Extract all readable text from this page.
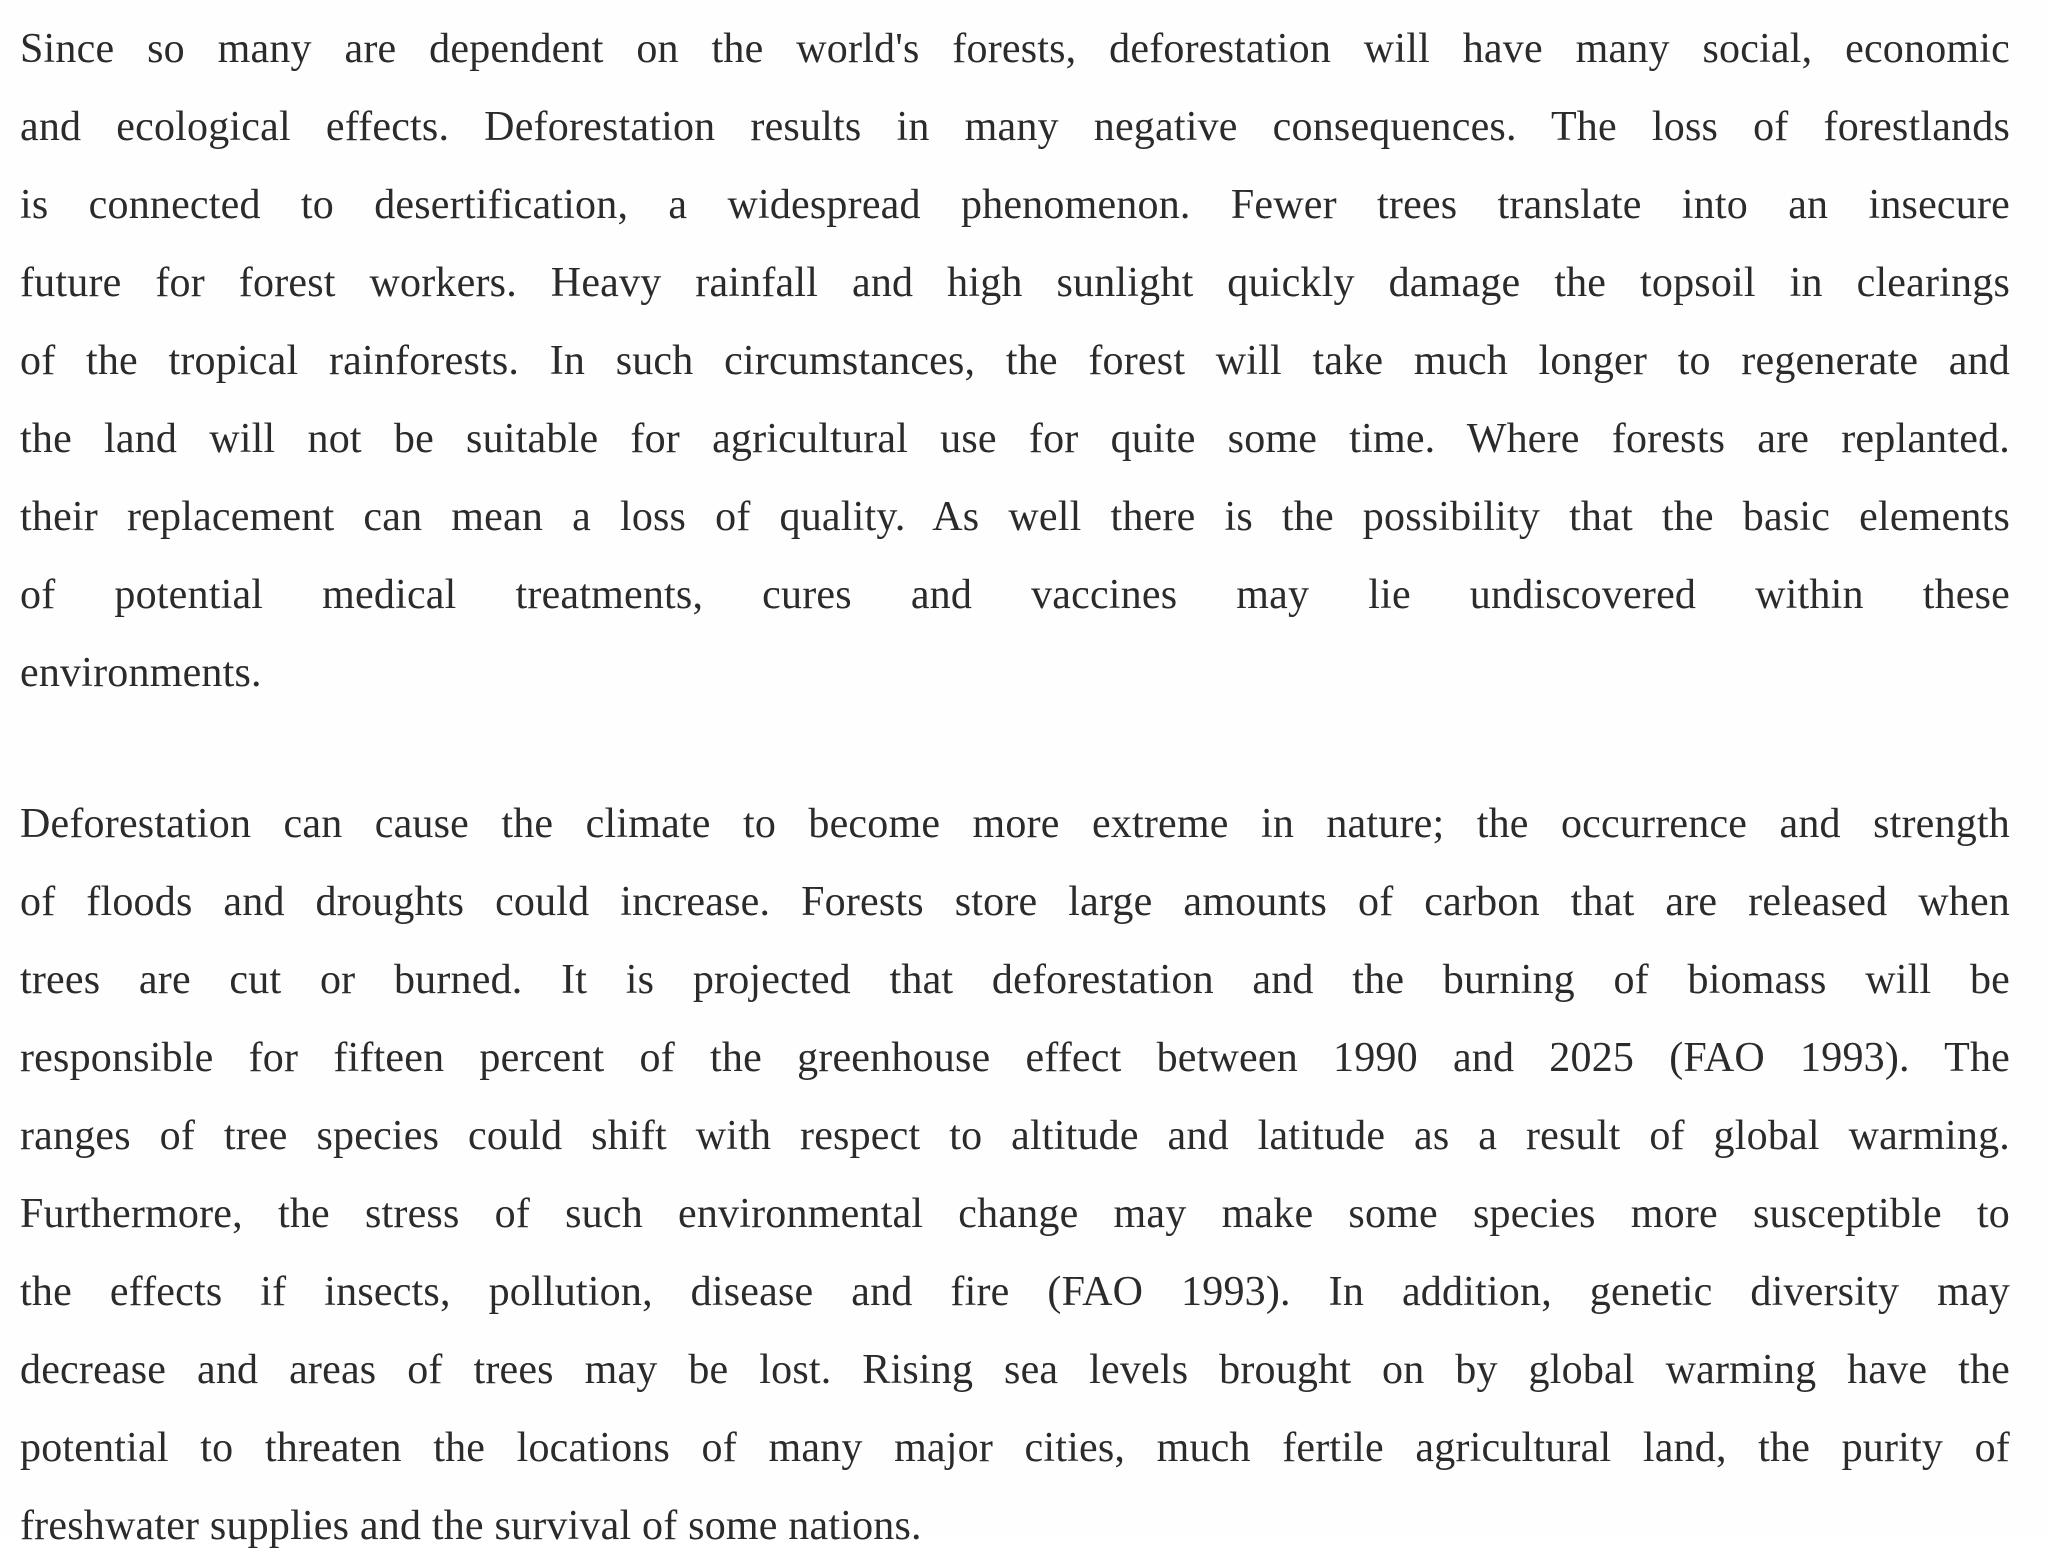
Since so many are dependent on the world's forests, deforestation will have many social, economic
and ecological effects. Deforestation results in many negative consequences. The loss of forestlands
is connected to desertification, a widespread phenomenon. Fewer trees translate into an insecure
future for forest workers. Heavy rainfall and high sunlight quickly damage the topsoil in clearings
of the tropical rainforests. In such circumstances, the forest will take much longer to regenerate and
the land will not be suitable for agricultural use for quite some time. Where forests are replanted.
their replacement can mean a loss of quality. As well there is the possibility that the basic elements
of potential medical treatments, cures and vaccines may lie undiscovered within these
environments.
Deforestation can cause the climate to become more extreme in nature; the occurrence and strength
of floods and droughts could increase. Forests store large amounts of carbon that are released when
trees are cut or burned. It is projected that deforestation and the burning of biomass will be
responsible for fifteen percent of the greenhouse effect between 1990 and 2025 (FAO 1993). The
ranges of tree species could shift with respect to altitude and latitude as a result of global warming.
Furthermore, the stress of such environmental change may make some species more susceptible to
the effects if insects, pollution, disease and fire (FAO 1993). In addition, genetic diversity may
decrease and areas of trees may be lost. Rising sea levels brought on by global warming have the
potential to threaten the locations of many major cities, much fertile agricultural land, the purity of
freshwater supplies and the survival of some nations.
